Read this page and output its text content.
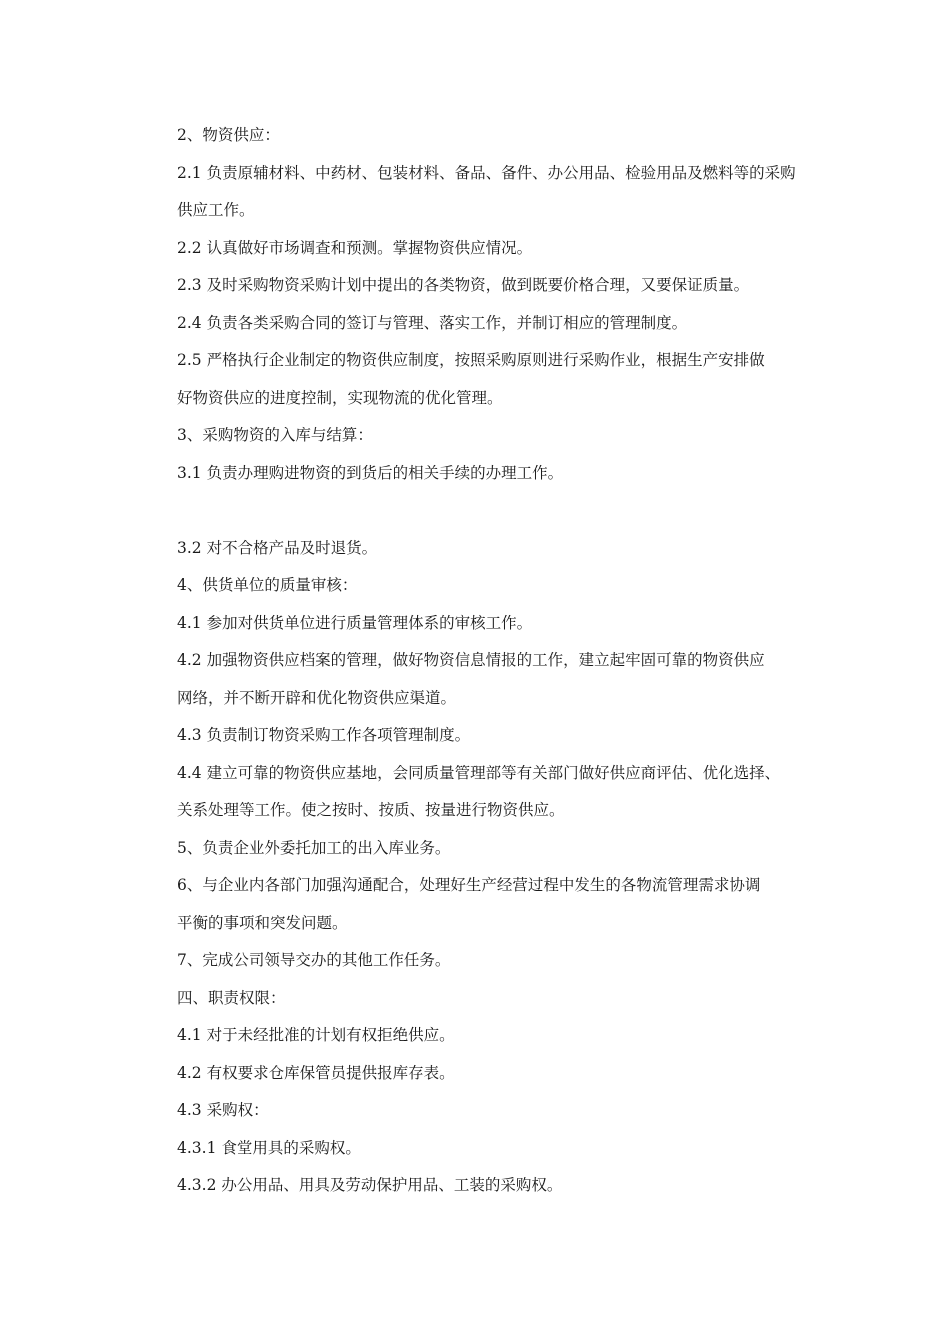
2、物资供应：
2.1 负责原辅材料、中药材、包装材料、备品、备件、办公用品、检验用品及燃料等的采购
供应工作。
2.2 认真做好市场调查和预测。掌握物资供应情况。
2.3 及时采购物资采购计划中提出的各类物资，做到既要价格合理，又要保证质量。
2.4 负责各类采购合同的签订与管理、落实工作，并制订相应的管理制度。
2.5 严格执行企业制定的物资供应制度，按照采购原则进行采购作业，根据生产安排做
好物资供应的进度控制，实现物流的优化管理。
3、采购物资的入库与结算：
3.1 负责办理购进物资的到货后的相关手续的办理工作。
3.2 对不合格产品及时退货。
4、供货单位的质量审核：
4.1 参加对供货单位进行质量管理体系的审核工作。
4.2 加强物资供应档案的管理，做好物资信息情报的工作，建立起牢固可靠的物资供应
网络，并不断开辟和优化物资供应渠道。
4.3 负责制订物资采购工作各项管理制度。
4.4 建立可靠的物资供应基地，会同质量管理部等有关部门做好供应商评估、优化选择、
关系处理等工作。使之按时、按质、按量进行物资供应。
5、负责企业外委托加工的出入库业务。
6、与企业内各部门加强沟通配合，处理好生产经营过程中发生的各物流管理需求协调
平衡的事项和突发问题。
7、完成公司领导交办的其他工作任务。
四、职责权限：
4.1 对于未经批准的计划有权拒绝供应。
4.2 有权要求仓库保管员提供报库存表。
4.3 采购权：
4.3.1 食堂用具的采购权。
4.3.2 办公用品、用具及劳动保护用品、工装的采购权。
